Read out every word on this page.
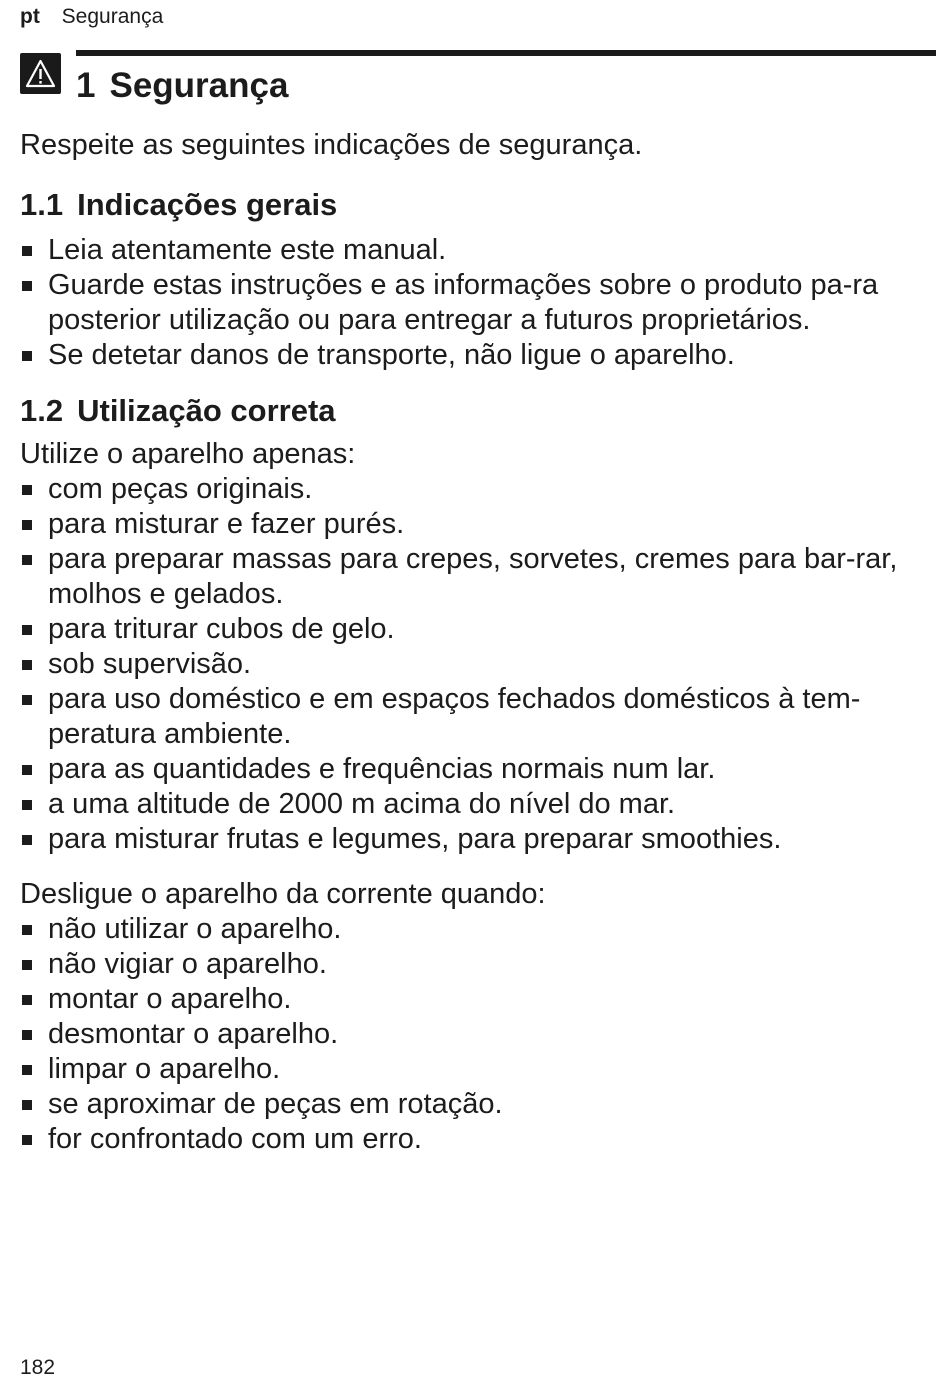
pt Segurança
1 Segurança

Respeite as seguintes indicações de segurança.

1.1 Indicações gerais
Leia atentamente este manual.
Guarde estas instruções e as informações sobre o produto pa-ra posterior utilização ou para entregar a futuros proprietários.
Se detetar danos de transporte, não ligue o aparelho.
1.2 Utilização correta

Utilize o aparelho apenas:

com peças originais.
para misturar e fazer purés.
para preparar massas para crepes, sorvetes, cremes para bar-rar, molhos e gelados.
para triturar cubos de gelo.
sob supervisão.
para uso doméstico e em espaços fechados domésticos à tem-peratura ambiente.
para as quantidades e frequências normais num lar.
a uma altitude de 2000 m acima do nível do mar.
para misturar frutas e legumes, para preparar smoothies.

Desligue o aparelho da corrente quando:

não utilizar o aparelho.
não vigiar o aparelho.
montar o aparelho.
desmontar o aparelho.
limpar o aparelho.
se aproximar de peças em rotação.
for confrontado com um erro.
182
